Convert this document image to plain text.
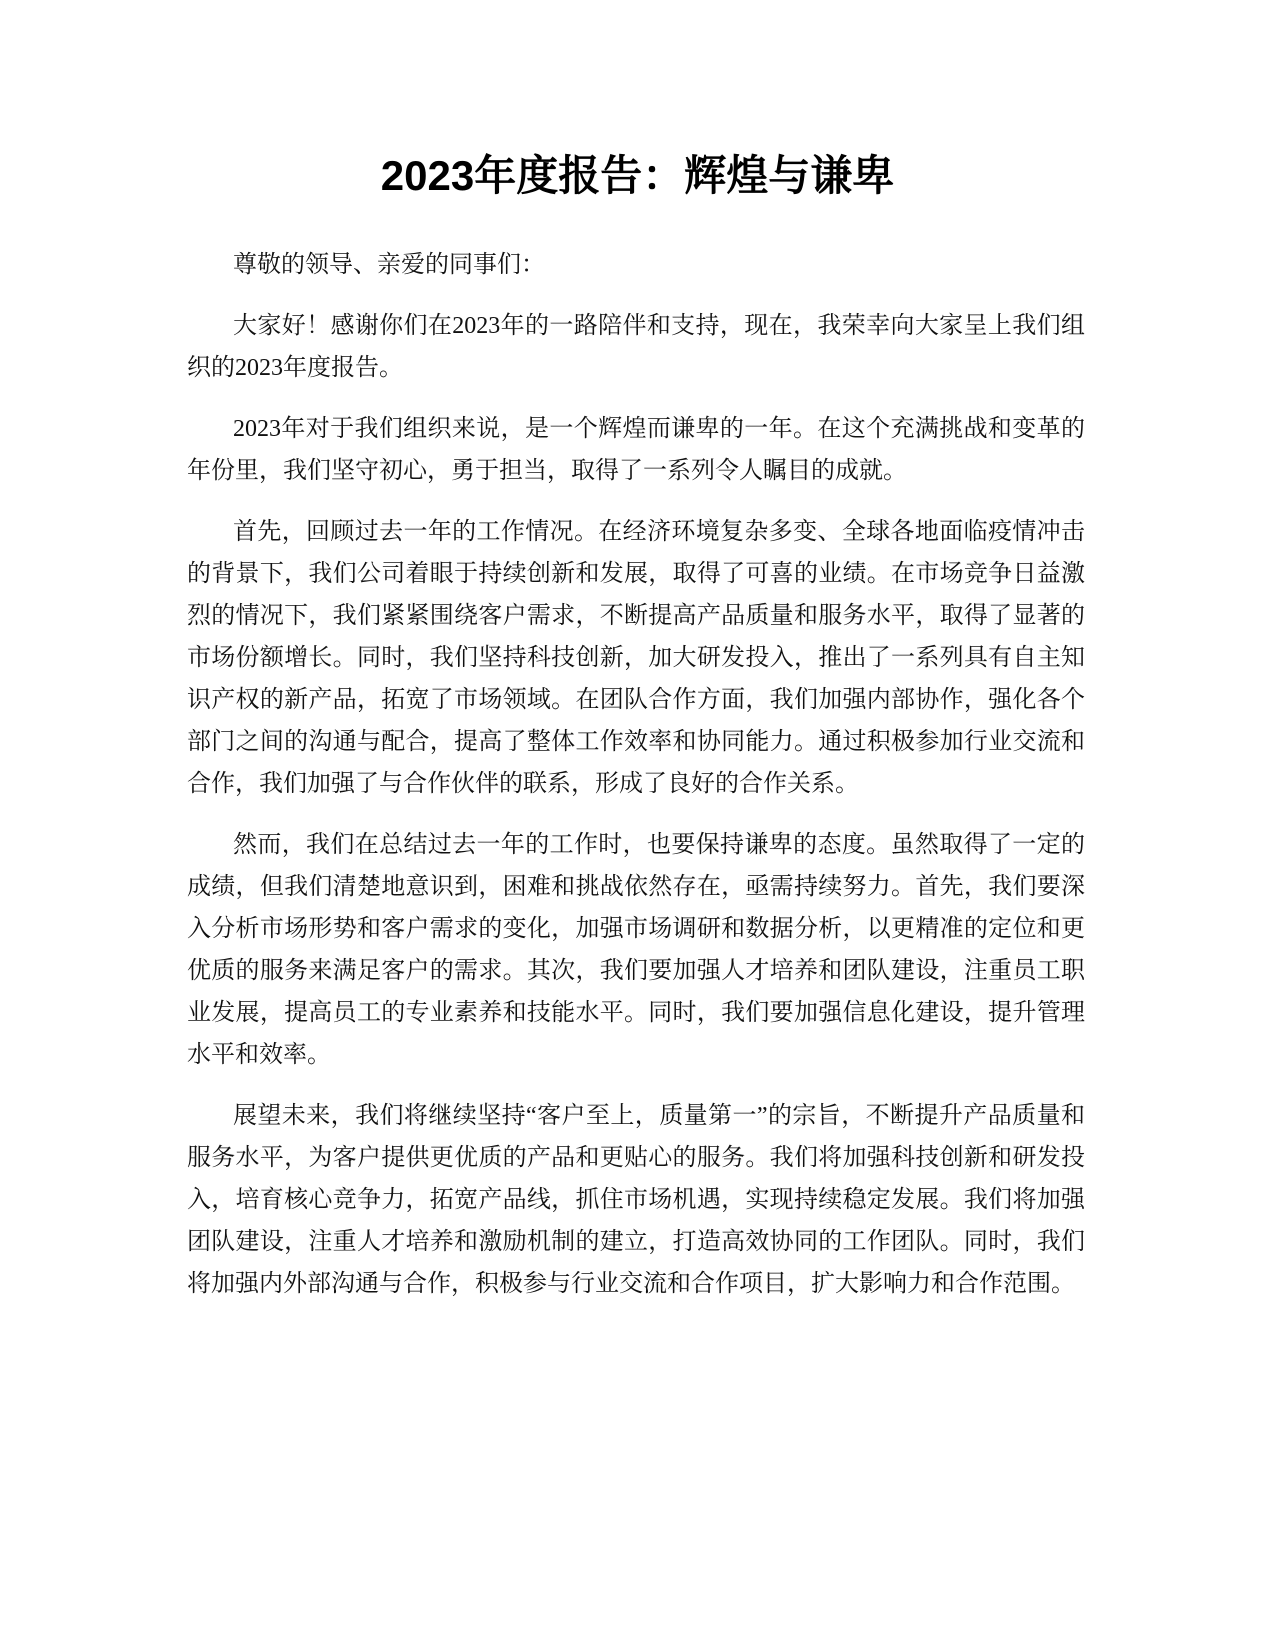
2023年度报告：辉煌与谦卑

尊敬的领导、亲爱的同事们：

大家好！感谢你们在2023年的一路陪伴和支持，现在，我荣幸向大家呈上我们组织的2023年度报告。

2023年对于我们组织来说，是一个辉煌而谦卑的一年。在这个充满挑战和变革的年份里，我们坚守初心，勇于担当，取得了一系列令人瞩目的成就。

首先，回顾过去一年的工作情况。在经济环境复杂多变、全球各地面临疫情冲击的背景下，我们公司着眼于持续创新和发展，取得了可喜的业绩。在市场竞争日益激烈的情况下，我们紧紧围绕客户需求，不断提高产品质量和服务水平，取得了显著的市场份额增长。同时，我们坚持科技创新，加大研发投入，推出了一系列具有自主知识产权的新产品，拓宽了市场领域。在团队合作方面，我们加强内部协作，强化各个部门之间的沟通与配合，提高了整体工作效率和协同能力。通过积极参加行业交流和合作，我们加强了与合作伙伴的联系，形成了良好的合作关系。

然而，我们在总结过去一年的工作时，也要保持谦卑的态度。虽然取得了一定的成绩，但我们清楚地意识到，困难和挑战依然存在，亟需持续努力。首先，我们要深入分析市场形势和客户需求的变化，加强市场调研和数据分析，以更精准的定位和更优质的服务来满足客户的需求。其次，我们要加强人才培养和团队建设，注重员工职业发展，提高员工的专业素养和技能水平。同时，我们要加强信息化建设，提升管理水平和效率。

展望未来，我们将继续坚持“客户至上，质量第一”的宗旨，不断提升产品质量和服务水平，为客户提供更优质的产品和更贴心的服务。我们将加强科技创新和研发投入，培育核心竞争力，拓宽产品线，抓住市场机遇，实现持续稳定发展。我们将加强团队建设，注重人才培养和激励机制的建立，打造高效协同的工作团队。同时，我们将加强内外部沟通与合作，积极参与行业交流和合作项目，扩大影响力和合作范围。
